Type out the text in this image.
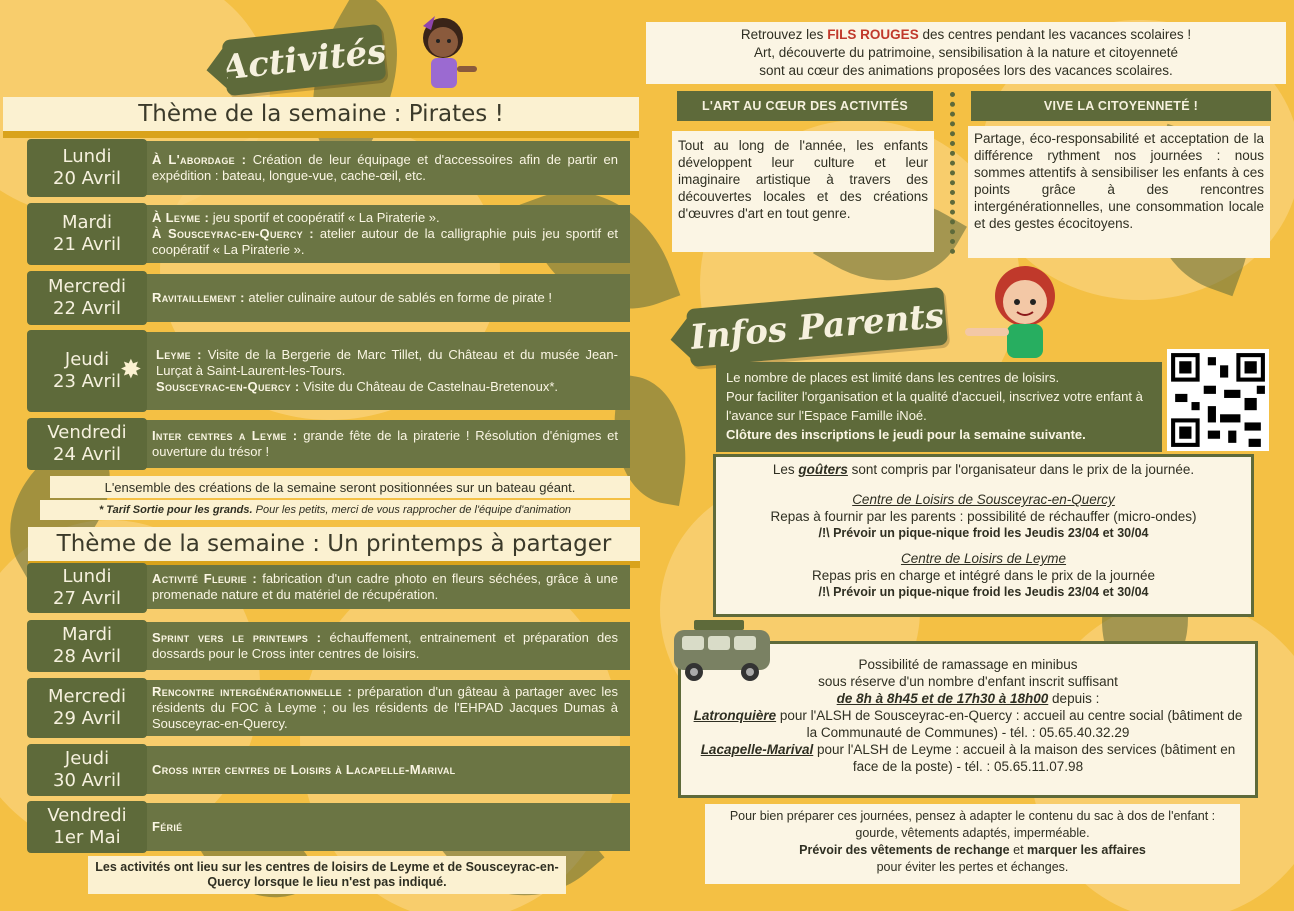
Activités
Thème de la semaine : Pirates !
À L'abordage : Création de leur équipage et d'accessoires afin de partir en expédition : bateau, longue-vue, cache-œil, etc.
Lundi
20 Avril
À Leyme : jeu sportif et coopératif « La Piraterie ».
À Sousceyrac-en-Quercy : atelier autour de la calligraphie puis jeu sportif et coopératif « La Piraterie ».
Mardi
21 Avril
Ravitaillement : atelier culinaire autour de sablés en forme de pirate !
Mercredi
22 Avril
Leyme : Visite de la Bergerie de Marc Tillet, du Château et du musée Jean-Lurçat à Saint-Laurent-les-Tours.
Sousceyrac-en-Quercy : Visite du Château de Castelnau-Bretenoux*.
Jeudi
23 Avril ✸
Inter centres a Leyme : grande fête de la piraterie ! Résolution d'énigmes et ouverture du trésor !
Vendredi
24 Avril
L'ensemble des créations de la semaine seront positionnées sur un bateau géant.
* Tarif Sortie pour les grands. Pour les petits, merci de vous rapprocher de l'équipe d'animation
Thème de la semaine : Un printemps à partager
Activité Fleurie : fabrication d'un cadre photo en fleurs séchées, grâce à une promenade nature et du matériel de récupération.
Lundi
27 Avril
Sprint vers le printemps : échauffement, entrainement et préparation des dossards pour le Cross inter centres de loisirs.
Mardi
28 Avril
Rencontre intergénérationnelle : préparation d'un gâteau à partager avec les résidents du FOC à Leyme ; ou les résidents de l'EHPAD Jacques Dumas à Sousceyrac-en-Quercy.
Mercredi
29 Avril
Cross inter centres de Loisirs à Lacapelle-Marival
Jeudi
30 Avril
Férié
Vendredi
1er Mai
Les activités ont lieu sur les centres de loisirs de Leyme et de Sousceyrac-en-Quercy lorsque le lieu n'est pas indiqué.
Retrouvez les FILS ROUGES des centres pendant les vacances scolaires !
Art, découverte du patrimoine, sensibilisation à la nature et citoyenneté
sont au cœur des animations proposées lors des vacances scolaires.
L'ART AU CŒUR DES ACTIVITÉS
Tout au long de l'année, les enfants développent leur culture et leur imaginaire artistique à travers des découvertes locales et des créations d'œuvres d'art en tout genre.
VIVE LA CITOYENNETÉ !
Partage, éco-responsabilité et acceptation de la différence rythment nos journées : nous sommes attentifs à sensibiliser les enfants à ces points grâce à des rencontres intergénérationnelles, une consommation locale et des gestes écocitoyens.
Infos Parents
Le nombre de places est limité dans les centres de loisirs.
Pour faciliter l'organisation et la qualité d'accueil, inscrivez votre enfant à l'avance sur l'Espace Famille iNoé.
Clôture des inscriptions le jeudi pour la semaine suivante.
Les goûters sont compris par l'organisateur dans le prix de la journée.
Centre de Loisirs de Sousceyrac-en-Quercy
Repas à fournir par les parents : possibilité de réchauffer (micro-ondes)
/!\ Prévoir un pique-nique froid les Jeudis 23/04 et 30/04
Centre de Loisirs de Leyme
Repas pris en charge et intégré dans le prix de la journée
/!\ Prévoir un pique-nique froid les Jeudis 23/04 et 30/04
Possibilité de ramassage en minibus
sous réserve d'un nombre d'enfant inscrit suffisant
de 8h à 8h45 et de 17h30 à 18h00 depuis :
Latronquière pour l'ALSH de Sousceyrac-en-Quercy : accueil au centre social (bâtiment de la Communauté de Communes) - tél. : 05.65.40.32.29
Lacapelle-Marival pour l'ALSH de Leyme : accueil à la maison des services (bâtiment en face de la poste) - tél. : 05.65.11.07.98
Pour bien préparer ces journées, pensez à adapter le contenu du sac à dos de l'enfant : gourde, vêtements adaptés, imperméable.
Prévoir des vêtements de rechange et marquer les affaires
pour éviter les pertes et échanges.
